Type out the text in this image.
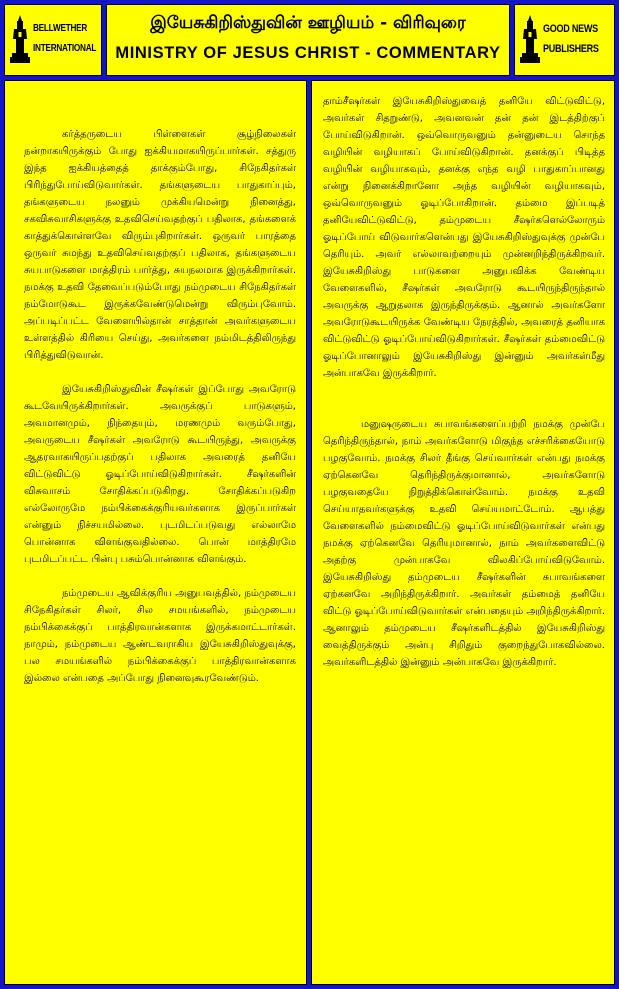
BELLWETHER
INTERNATIONAL
இயேசுகிறிஸ்துவின் ஊழியம் - விரிவுரை
MINISTRY OF JESUS CHRIST - COMMENTARY
GOOD NEWS
PUBLISHERS

கர்த்தருடைய பிள்ளைகள் சூழ்நிலைகள் நன்றாகயிருக்கும் போது ஐக்கியமாகயிருப்பார்கள். சத்துரு இந்த ஐக்கியத்தைத் தாக்கும்போது, சிநேகிதர்கள் பிரிந்துபோய்விடுவார்கள். தங்களுடைய பாதுகாப்பும், தங்களுடைய நலனும் முக்கியமென்று நினைத்து, சகவிசுவாசிகளுக்கு உதவிசெய்வதற்குப் பதிலாக, தங்களைக் காத்துக்கொள்ளவே விரும்புகிறார்கள். ஒருவர் பாரத்தை ஒருவர் சுமந்து உதவிசெய்வதற்குப் பதிலாக, தங்களுடைய சுயபாடுகளை மாத்திரம் பார்த்து, சுயநலமாக இருக்கிறார்கள். நமக்கு உதவி தேவைப்படும்போது நம்முடைய சிநேகிதர்கள் நம்மோடுகூட இருக்கவேண்டுமென்று விரும்புவோம். அப்படிப்பட்ட வேளையில்தான் சாத்தான் அவர்களுடைய உள்ளத்தில் கிரியை செய்து, அவர்களை நம்மிடத்திலிருந்து பிரித்துவிடுவான்.

இயேசுகிறிஸ்துவின் சீஷர்கள் இப்போது அவரோடு கூடவேயிருக்கிறார்கள். அவருக்குப் பாடுகளும், அவமானமும், நிந்தையும், மரணமும் வரும்போது, அவருடைய சீஷர்கள் அவரோடு கூடயிருந்து, அவருக்கு ஆதரவாகயிருப்பதற்குப் பதிலாக அவரைத் தனியே விட்டுவிட்டு ஓடிப்போய்விடுகிறார்கள். சீஷர்களின் விசுவாசம் சோதிக்கப்படுகிறது. சோதிக்கப்படுகிற எல்லோருமே நம்பிக்கைக்குரியவர்களாக இருப்பார்கள் என்னும் நிச்சயமில்லை. புடமிடப்படுவது எல்லாமே பொன்னாக விளங்குவதில்லை. பொன் மாத்திரமே புடமிடப்பட்ட பின்பு பசும்பொன்னாக விளங்கும்.

நம்முடைய ஆவிக்குரிய அனுபவத்தில், நம்முடைய சிநேகிதர்கள் சிலர், சில சமயங்களில், நம்முடைய நம்பிக்கைக்குப் பாத்திரவான்களாக இருக்கமாட்டார்கள். நாமும், நம்முடைய ஆண்டவராகிய இயேசுகிறிஸ்துவுக்கு, பல சமயங்களில் நம்பிக்கைக்குப் பாத்திரவான்களாக இல்லை என்பதை அப்போது நினைவுகூரவேண்டும்.

தாம்சீஷர்கள் இயேசுகிறிஸ்துவைத் தனியே விட்டுவிட்டு, அவர்கள் சிதறுண்டு, அவனவன் தன் தன் இடத்திற்குப் போய்விடுகிறான். ஒவ்வொருவனும் தன்னுடைய சொந்த வழியின் வழியாகப் போய்விடுகிறான். தனக்குப் பிடித்த வழியின் வழியாகவும், தனக்கு எந்த வழி பாதுகாப்பானது என்று நினைக்கிறானோ அந்த வழியின் வழியாகவும், ஒவ்வொருவனும் ஓடிப்போகிறான். தம்மை இப்படித் தனியேவிட்டுவிட்டு, தம்முடைய சீஷர்களெல்லோரும் ஓடிப்போய் விடுவார்களென்பது இயேசுகிறிஸ்துவுக்கு முன்பே தெரியும். அவர் எல்லாவற்றையும் முன்னறிந்திருக்கிறவர். இயேசுகிறிஸ்து பாடுகளை அனுபவிக்க வேண்டிய வேளைகளில், சீஷர்கள் அவரோடு கூடயிருந்திருந்தால் அவருக்கு ஆறுதலாக இருந்திருக்கும். ஆனால் அவர்களோ அவரோடுகூடயிருக்க வேண்டிய நேரத்தில், அவரைத் தனியாக விட்டுவிட்டு ஓடிப்போய்விடுகிறார்கள். சீஷர்கள் தம்மைவிட்டு ஓடிப்போனாலும் இயேசுகிறிஸ்து இன்னும் அவர்கள்மீது அன்பாகவே இருக்கிறார்.

மனுஷருடைய சுபாவங்களைப்பற்றி நமக்கு முன்பே தெரிந்திருந்தால், நாம் அவர்களோடு மிகுந்த எச்சரிக்கையோடு பழகுவோம். நமக்கு சிலர் தீங்கு செய்வார்கள் என்பது நமக்கு ஏற்கெனவே தெரிந்திருக்குமானால், அவர்களோடு பழகுவதையே நிறுத்திக்கொள்வோம். நமக்கு உதவி செய்யாதவர்களுக்கு உதவி செய்யமாட்டோம். ஆபத்து வேளைகளில் நம்மைவிட்டு ஓடிப்போய்விடுவார்கள் என்பது நமக்கு ஏற்கெனவே தெரியுமானால், நாம் அவர்களைவிட்டு அதற்கு முன்பாகவே விலகிப்போய்விடுவோம். இயேசுகிறிஸ்து தம்முடைய சீஷர்களின் சுபாவங்களை ஏற்கனவே அறிந்திருக்கிறார். அவர்கள் தம்மைத் தனியே விட்டு ஓடிப்போய்விடுவார்கள் என்பதையும் அறிந்திருக்கிறார். ஆனாலும் தம்முடைய சீஷர்களிடத்தில் இயேசுகிறிஸ்து வைத்திருக்கும் அன்பு சிறிதும் குறைந்துபோகவில்லை. அவர்களிடத்தில் இன்னும் அன்பாகவே இருக்கிறார்.
